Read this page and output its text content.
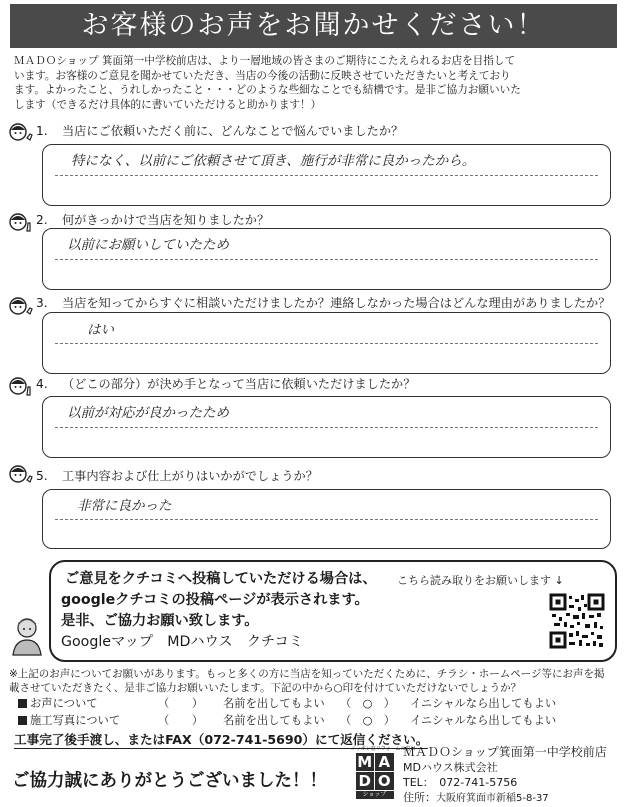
お客様のお声をお聞かせください！
ＭＡＤＯショップ 箕面第一中学校前店は、より一層地域の皆さまのご期待にこたえられるお店を目指して
います。お客様のご意見を聞かせていただき、当店の今後の活動に反映させていただきたいと考えており
ます。よかったこと、うれしかったこと・・・どのような些細なことでも結構です。是非ご協力お願いいた
します（できるだけ具体的に書いていただけると助かります！）
1. 当店にご依頼いただく前に、どんなことで悩んでいましたか？
特になく、以前にご依頼させて頂き、施行が非常に良かったから。
2. 何がきっかけで当店を知りましたか？
以前にお願いしていたため
3. 当店を知ってからすぐに相談いただけましたか？連絡しなかった場合はどんな理由がありましたか？
はい
4. （どこの部分）が決め手となって当店に依頼いただけましたか？
以前が対応が良かったため
5. 工事内容および仕上がりはいかがでしょうか？
非常に良かった
ご意見をクチコミへ投稿していただける場合は、 こちら読み取りをお願いします ↓
googleクチコミの投稿ページが表示されます。
是非、ご協力お願い致します。
Googleマップ　MDハウス　クチコミ
※上記のお声についてお願いがあります。もっと多くの方に当店を知っていただくために、チラシ・ホームページ等にお声を掲
載させていただきたく、是非ご協力お願いいたします。下記の中から○印を付けていただけないでしょうか？
お声について	（　　） 名前を出してもよい （　○　） イニシャルなら出してもよい
施工写真について	（　　） 名前を出してもよい （　○　） イニシャルなら出してもよい
工事完了後手渡し、またはFAX（072-741-5690）にて返信ください。
ご協力誠にありがとうございました！！
ニッポン窓リフォームの窓口
M A
D O
ショップ
ＭＡＤＯショップ箕面第一中学校前店
MDハウス株式会社
TEL：　072-741-5756
住所：大阪府箕面市新稲5-8-37
